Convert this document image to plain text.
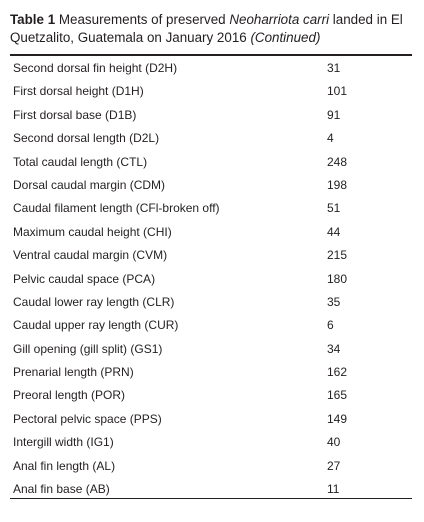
Table 1 Measurements of preserved Neoharriota carri landed in El Quetzalito, Guatemala on January 2016 (Continued)
Second dorsal fin height (D2H)	31
First dorsal height (D1H)	101
First dorsal base (D1B)	91
Second dorsal length (D2L)	4
Total caudal length (CTL)	248
Dorsal caudal margin (CDM)	198
Caudal filament length (CFl-broken off)	51
Maximum caudal height (CHI)	44
Ventral caudal margin (CVM)	215
Pelvic caudal space (PCA)	180
Caudal lower ray length (CLR)	35
Caudal upper ray length (CUR)	6
Gill opening (gill split) (GS1)	34
Prenarial length (PRN)	162
Preoral length (POR)	165
Pectoral pelvic space (PPS)	149
Intergill width (IG1)	40
Anal fin length (AL)	27
Anal fin base (AB)	11
